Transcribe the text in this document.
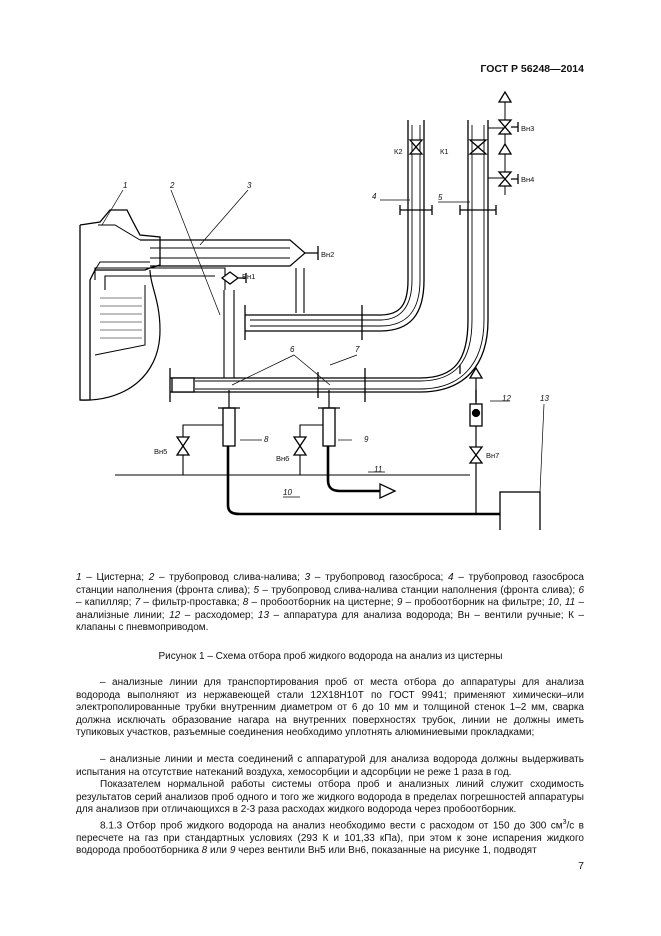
ГОСТ Р 56248—2014
1	2	3
4	5
6	7
8	9
10
11
12	13
К2	К1
Вн1
Вн2
Вн3
Вн4
Вн5
Вн6	Вн7
1 – Цистерна; 2 – трубопровод слива-налива; 3 – трубопровод газосброса; 4 – трубопровод газосброса станции наполнения (фронта слива); 5 – трубопровод слива-налива станции наполнения (фронта слива); 6 – капилляр; 7 – фильтр-проставка; 8 – пробоотборник на цистерне; 9 – пробоотборник на фильтре; 10, 11 – аналиiзные линии; 12 – расходомер; 13 – аппаратура для анализа водорода; Вн – вентили ручные; К – клапаны с пневмоприводом.
Рисунок 1 – Схема отбора проб жидкого водорода на анализ из цистерны

– анализные линии для транспортирования проб от места отбора до аппаратуры для анализа водорода выполняют из нержавеющей стали 12Х18Н10Т по ГОСТ 9941; применяют химически–или электрополированные трубки внутренним диаметром от 6 до 10 мм и толщиной стенок 1–2 мм, сварка должна исключать образование нагара на внутренних поверхностях трубок, линии не должны иметь тупиковых участков, разъемные соединения необходимо уплотнять алюминиевыми прокладками;

– анализные линии и места соединений с аппаратурой для анализа водорода должны выдерживать испытания на отсутствие натеканий воздуха, хемосорбции и адсорбции не реже 1 раза в год.

Показателем нормальной работы системы отбора проб и анализных линий служит сходимость результатов серий анализов проб одного и того же жидкого водорода в пределах погрешностей аппаратуры для анализов при отличающихся в 2-3 раза расходах жидкого водорода через пробоотборник.

8.1.3 Отбор проб жидкого водорода на анализ необходимо вести с расходом от 150 до 300 $см^3/с$ в пересчете на газ при стандартных условиях (293 К и 101,33 кПа), при этом к зоне испарения жидкого водорода пробоотборника 8 или 9 через вентили Вн5 или Вн6, показанные на рисунке 1, подводят

7
